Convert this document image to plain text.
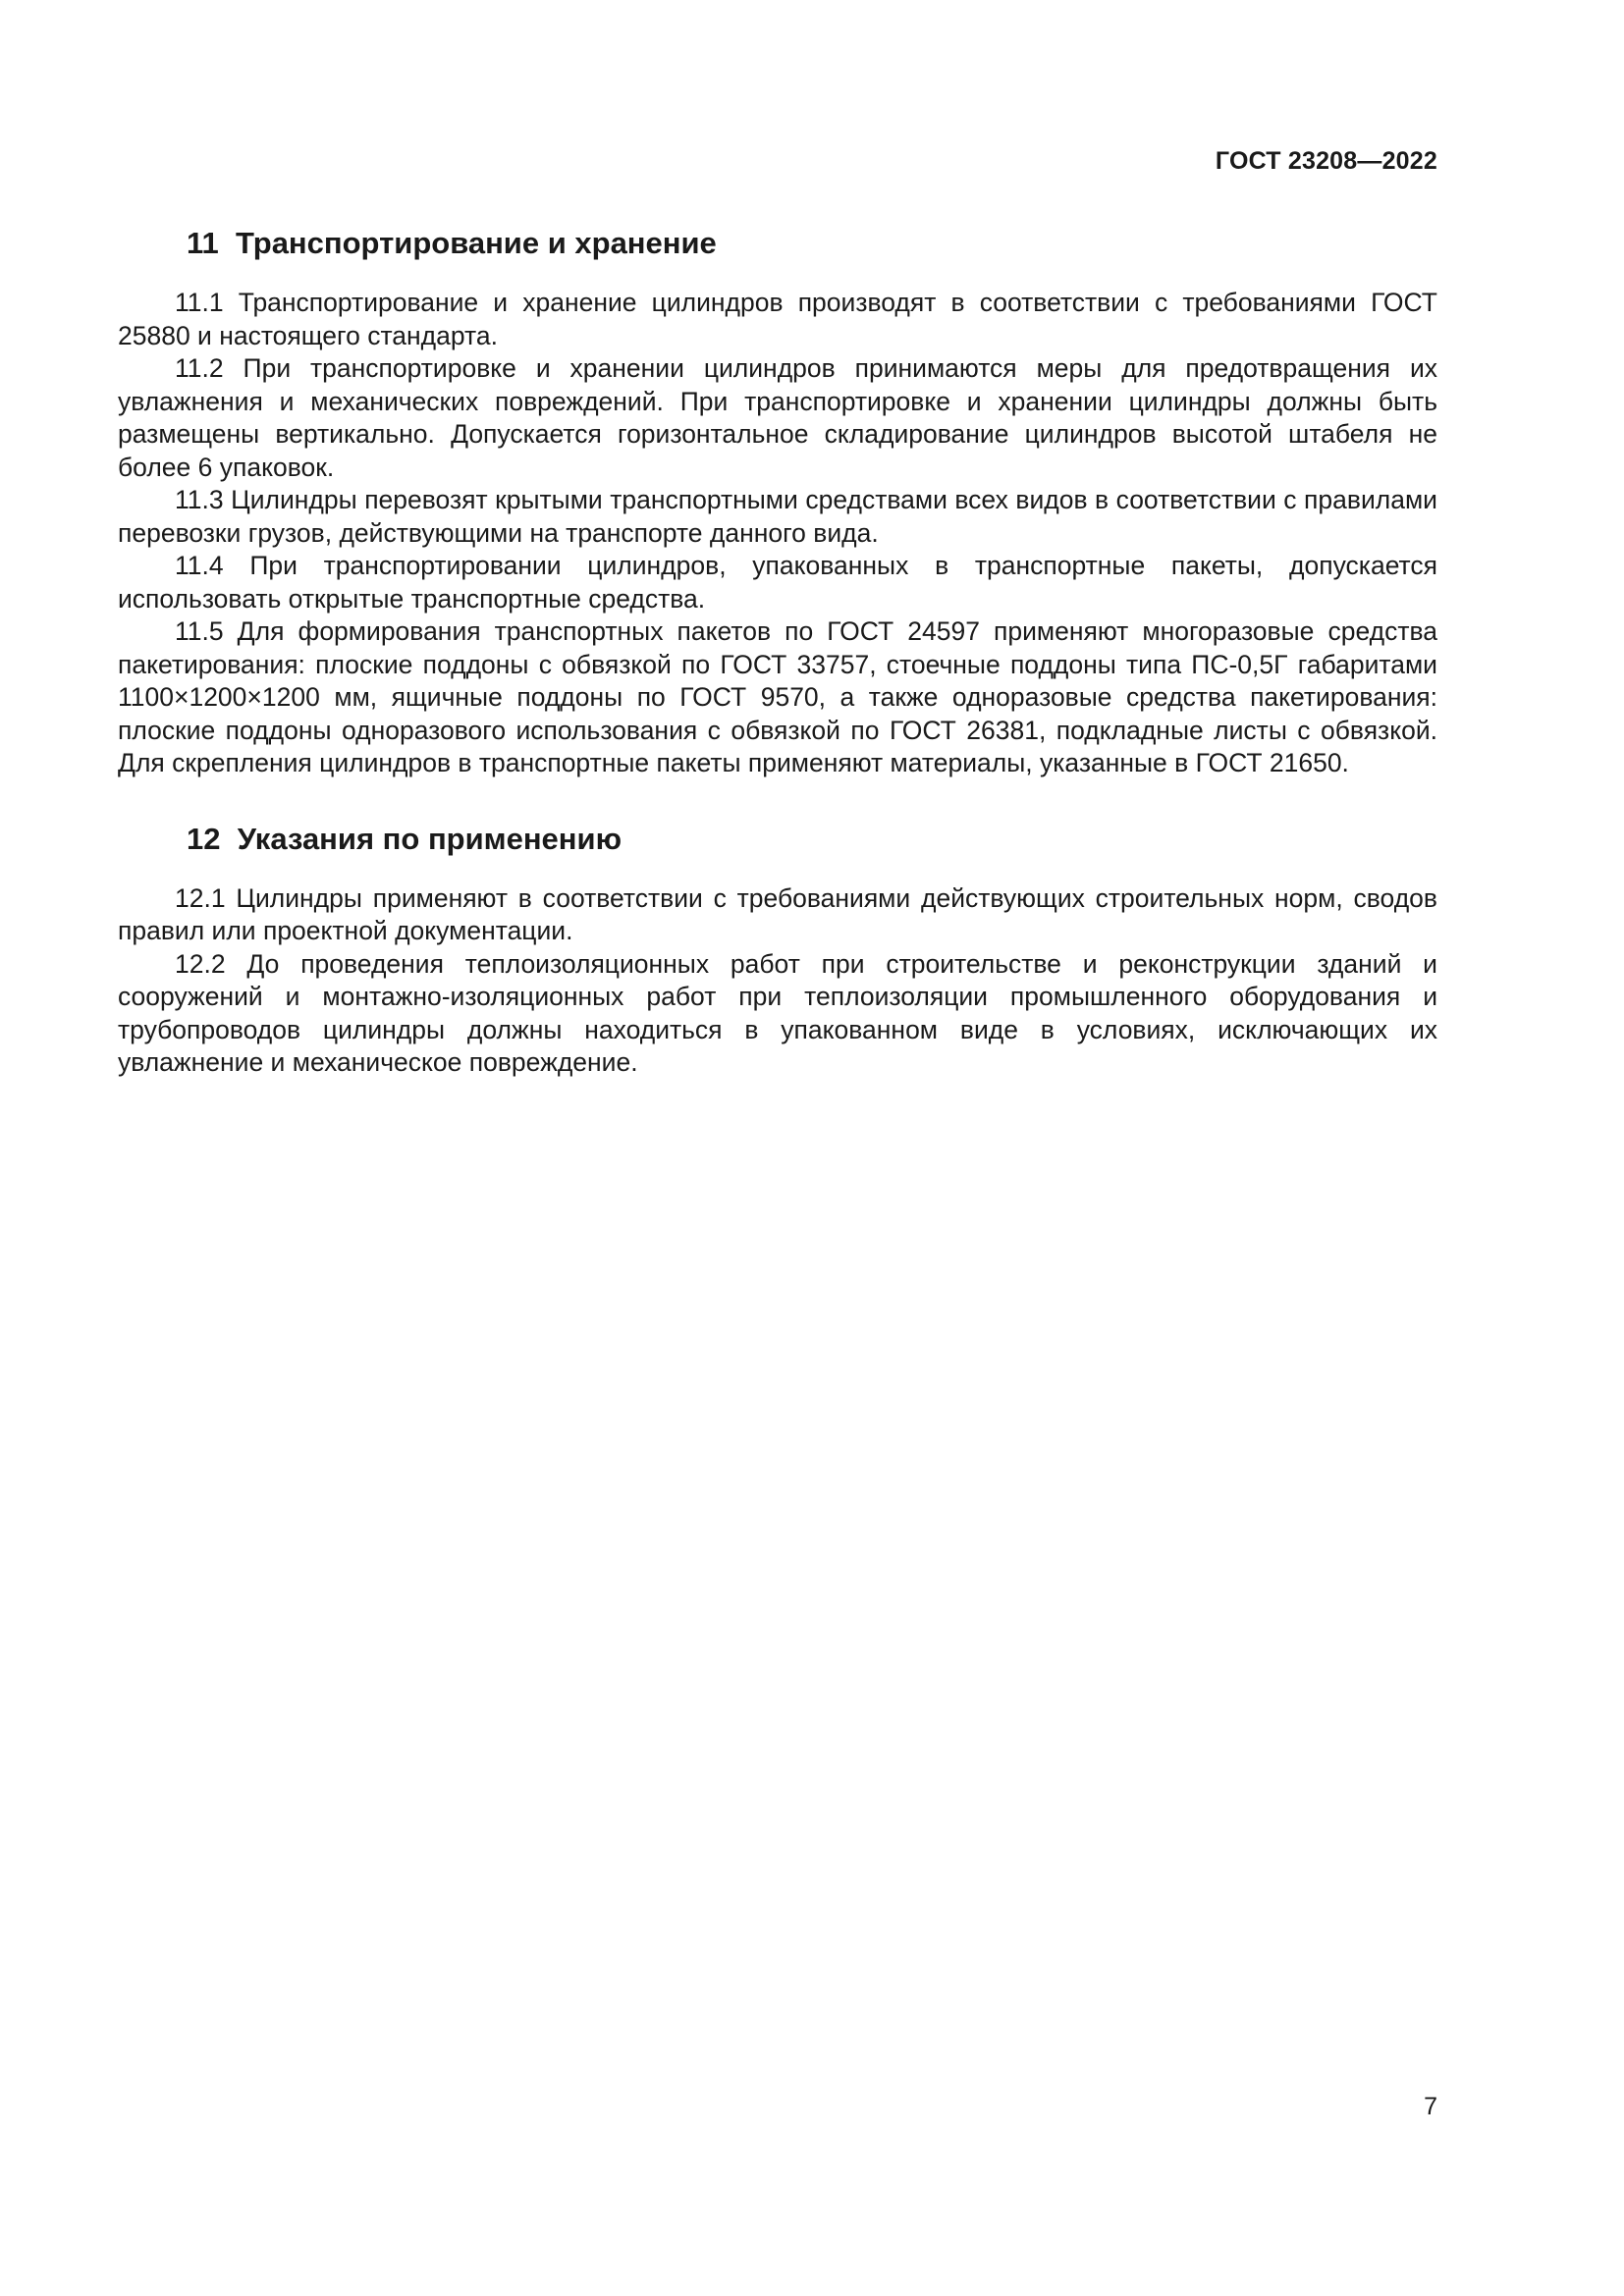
ГОСТ 23208—2022
11  Транспортирование и хранение

11.1 Транспортирование и хранение цилиндров производят в соответствии с требованиями ГОСТ 25880 и настоящего стандарта.

11.2 При транспортировке и хранении цилиндров принимаются меры для предотвращения их увлажнения и механических повреждений. При транспортировке и хранении цилиндры должны быть размещены вертикально. Допускается горизонтальное складирование цилиндров высотой штабеля не более 6 упаковок.

11.3 Цилиндры перевозят крытыми транспортными средствами всех видов в соответствии с правилами перевозки грузов, действующими на транспорте данного вида.

11.4 При транспортировании цилиндров, упакованных в транспортные пакеты, допускается использовать открытые транспортные средства.

11.5 Для формирования транспортных пакетов по ГОСТ 24597 применяют многоразовые средства пакетирования: плоские поддоны с обвязкой по ГОСТ 33757, стоечные поддоны типа ПС-0,5Г габаритами 1100×1200×1200 мм, ящичные поддоны по ГОСТ 9570, а также одноразовые средства пакетирования: плоские поддоны одноразового использования с обвязкой по ГОСТ 26381, подкладные листы с обвязкой. Для скрепления цилиндров в транспортные пакеты применяют материалы, указанные в ГОСТ 21650.

12  Указания по применению

12.1 Цилиндры применяют в соответствии с требованиями действующих строительных норм, сводов правил или проектной документации.

12.2 До проведения теплоизоляционных работ при строительстве и реконструкции зданий и сооружений и монтажно-изоляционных работ при теплоизоляции промышленного оборудования и трубопроводов цилиндры должны находиться в упакованном виде в условиях, исключающих их увлажнение и механическое повреждение.

7
